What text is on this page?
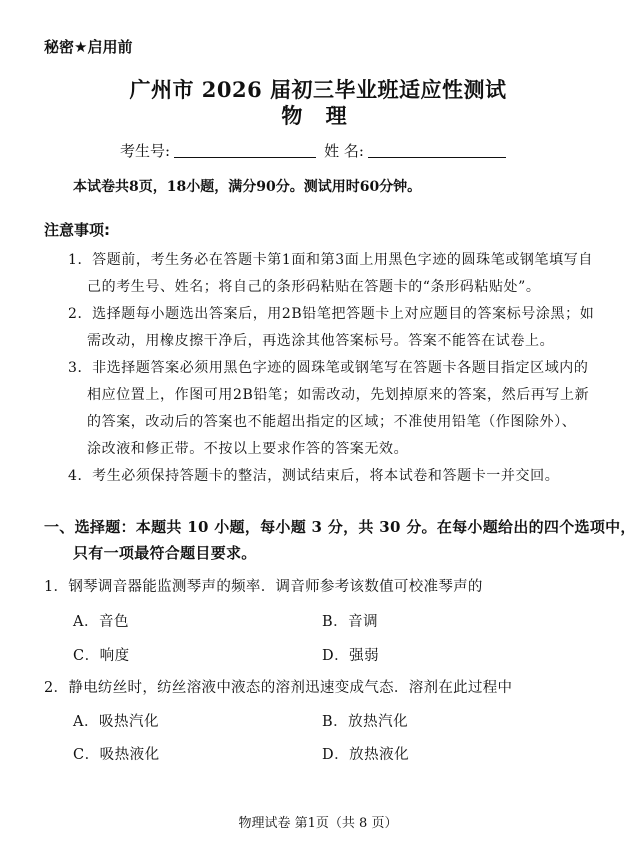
秘密★启用前
广州市 2026 届初三毕业班适应性测试
物 理
考生号:	姓 名:
本试卷共8页，18小题，满分90分。测试用时60分钟。
注意事项:
1．答题前，考生务必在答题卡第1面和第3面上用黑色字迹的圆珠笔或钢笔填写自
己的考生号、姓名；将自己的条形码粘贴在答题卡的“条形码粘贴处”。
2．选择题每小题选出答案后，用2B铅笔把答题卡上对应题目的答案标号涂黑；如
需改动，用橡皮擦干净后，再选涂其他答案标号。答案不能答在试卷上。
3．非选择题答案必须用黑色字迹的圆珠笔或钢笔写在答题卡各题目指定区域内的
相应位置上，作图可用2B铅笔；如需改动，先划掉原来的答案，然后再写上新
的答案，改动后的答案也不能超出指定的区域；不准使用铅笔（作图除外）、
涂改液和修正带。不按以上要求作答的答案无效。
4．考生必须保持答题卡的整洁，测试结束后，将本试卷和答题卡一并交回。
一、选择题：本题共 10 小题，每小题 3 分，共 30 分。在每小题给出的四个选项中，
只有一项最符合题目要求。
1．钢琴调音器能监测琴声的频率．调音师参考该数值可校准琴声的
A．音色	B．音调
C．响度	D．强弱
2．静电纺丝时，纺丝溶液中液态的溶剂迅速变成气态．溶剂在此过程中
A．吸热汽化	B．放热汽化
C．吸热液化	D．放热液化
物理试卷 第1页（共 8 页）
